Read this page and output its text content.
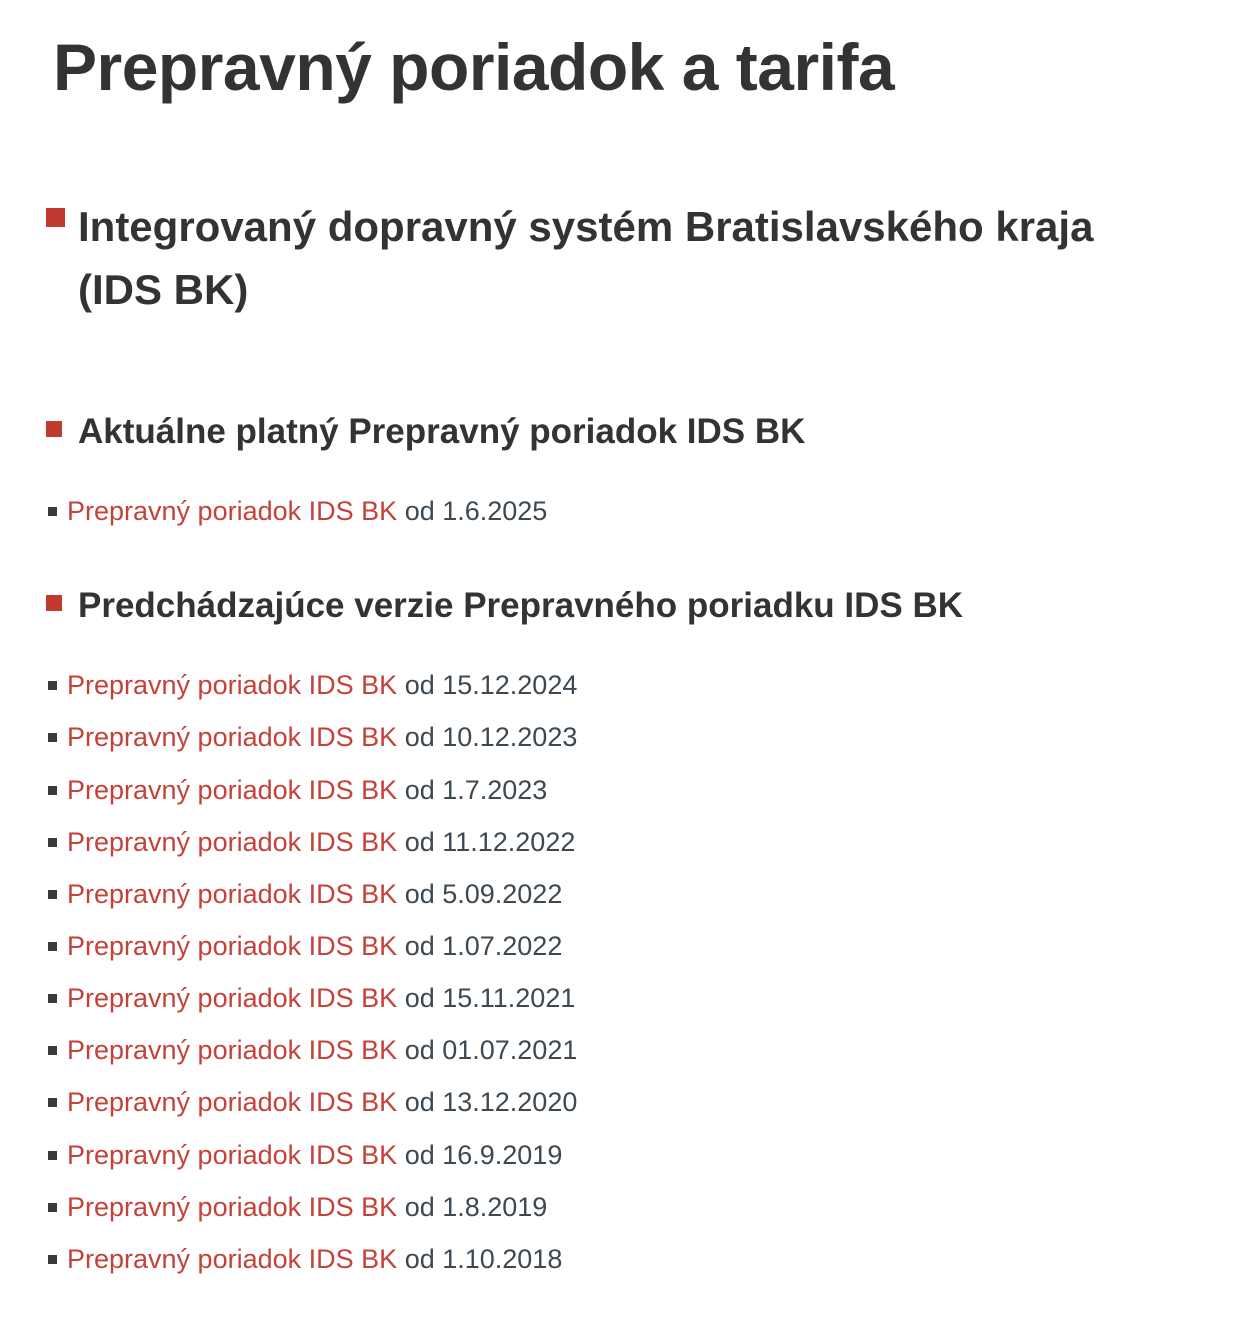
Prepravný poriadok a tarifa
Integrovaný dopravný systém Bratislavského kraja (IDS BK)
Aktuálne platný Prepravný poriadok IDS BK
Prepravný poriadok IDS BK od 1.6.2025
Predchádzajúce verzie Prepravného poriadku IDS BK
Prepravný poriadok IDS BK od 15.12.2024
Prepravný poriadok IDS BK od 10.12.2023
Prepravný poriadok IDS BK od 1.7.2023
Prepravný poriadok IDS BK od 11.12.2022
Prepravný poriadok IDS BK od 5.09.2022
Prepravný poriadok IDS BK od 1.07.2022
Prepravný poriadok IDS BK od 15.11.2021
Prepravný poriadok IDS BK od 01.07.2021
Prepravný poriadok IDS BK od 13.12.2020
Prepravný poriadok IDS BK od 16.9.2019
Prepravný poriadok IDS BK od 1.8.2019
Prepravný poriadok IDS BK od 1.10.2018
